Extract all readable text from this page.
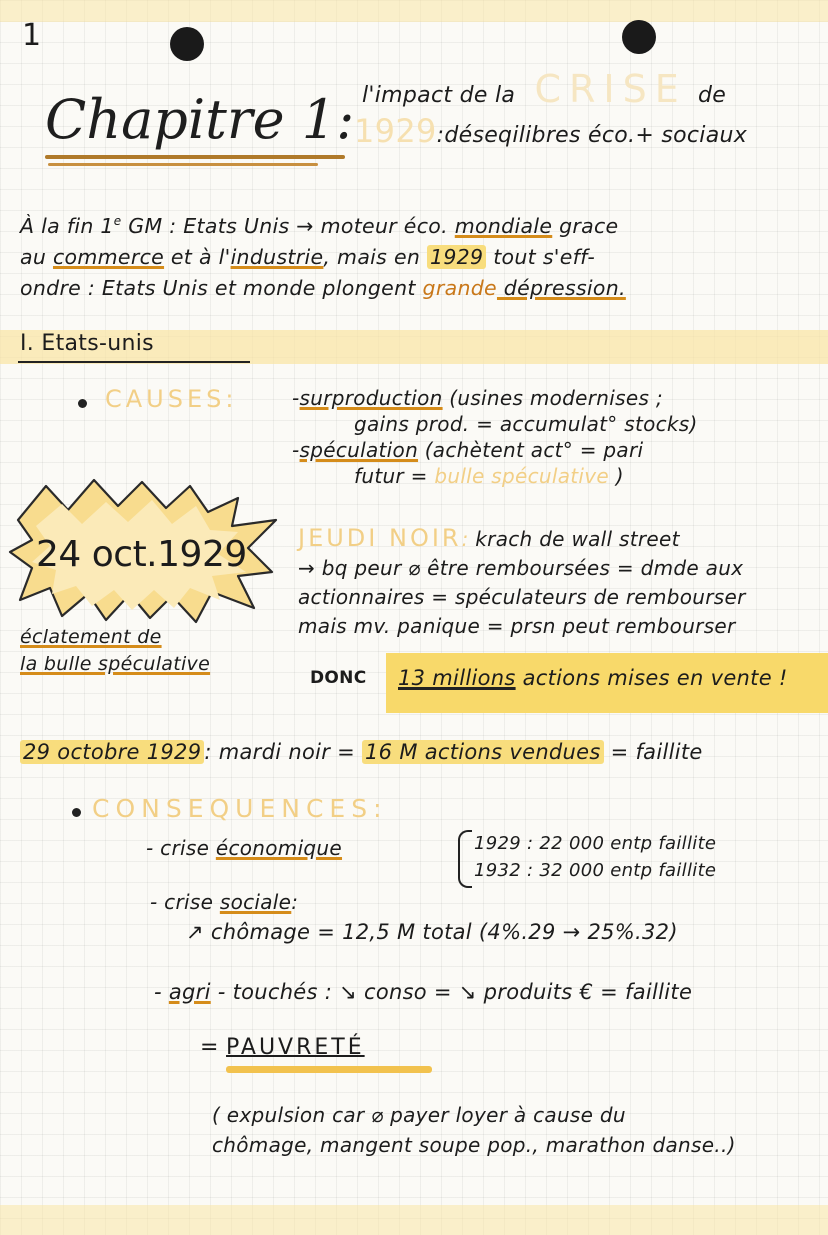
1
Chapitre 1: l'impact de la CRISE de
1929:déseqilibres éco.+ sociaux
À la fin 1e GM : Etats Unis → moteur éco. mondiale grace
au commerce et à l'industrie, mais en 1929 tout s'eff-
ondre : Etats Unis et monde plongent grande dépression.
I. Etats-unis
CAUSES:	-surproduction (usines modernises ;
gains prod. = accumulat° stocks)
-spéculation (achètent act° = pari
futur = bulle spéculative )
24 oct.1929
éclatement de
la bulle spéculative
JEUDI NOIR: krach de wall street
→ bq peur ⌀ être remboursées = dmde aux
actionnaires = spéculateurs de rembourser
mais mv. panique = prsn peut rembourser
DONC 13 millions actions mises en vente !
29 octobre 1929 : mardi noir = 16 M actions vendues = faillite
CONSEQUENCES:
- crise économique	1929 : 22 000 entp faillite
1932 : 32 000 entp faillite
- crise sociale:
↗ chômage = 12,5 M total (4%.29 → 25%.32)
- agri - touchés : ↘ conso = ↘ produits € = faillite
= PAUVRETÉ
( expulsion car ⌀ payer loyer à cause du
chômage, mangent soupe pop., marathon danse..)
